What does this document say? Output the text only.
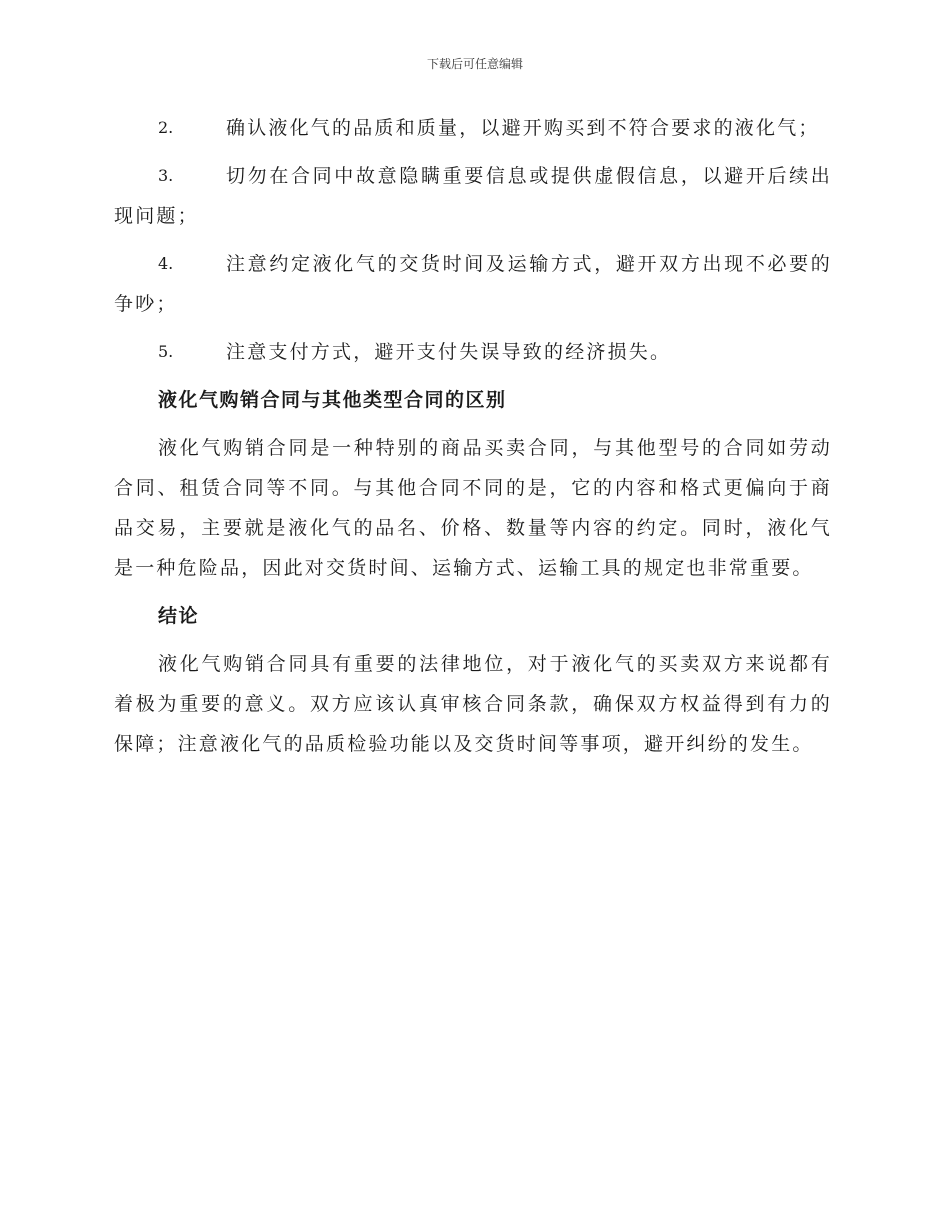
下载后可任意编辑
2.	确认液化气的品质和质量，以避开购买到不符合要求的液化气；
3.	切勿在合同中故意隐瞒重要信息或提供虚假信息，以避开后续出现问题；
4.	注意约定液化气的交货时间及运输方式，避开双方出现不必要的争吵；
5.	注意支付方式，避开支付失误导致的经济损失。
液化气购销合同与其他类型合同的区别

液化气购销合同是一种特别的商品买卖合同，与其他型号的合同如劳动合同、租赁合同等不同。与其他合同不同的是，它的内容和格式更偏向于商品交易，主要就是液化气的品名、价格、数量等内容的约定。同时，液化气是一种危险品，因此对交货时间、运输方式、运输工具的规定也非常重要。

结论

液化气购销合同具有重要的法律地位，对于液化气的买卖双方来说都有着极为重要的意义。双方应该认真审核合同条款，确保双方权益得到有力的保障；注意液化气的品质检验功能以及交货时间等事项，避开纠纷的发生。
